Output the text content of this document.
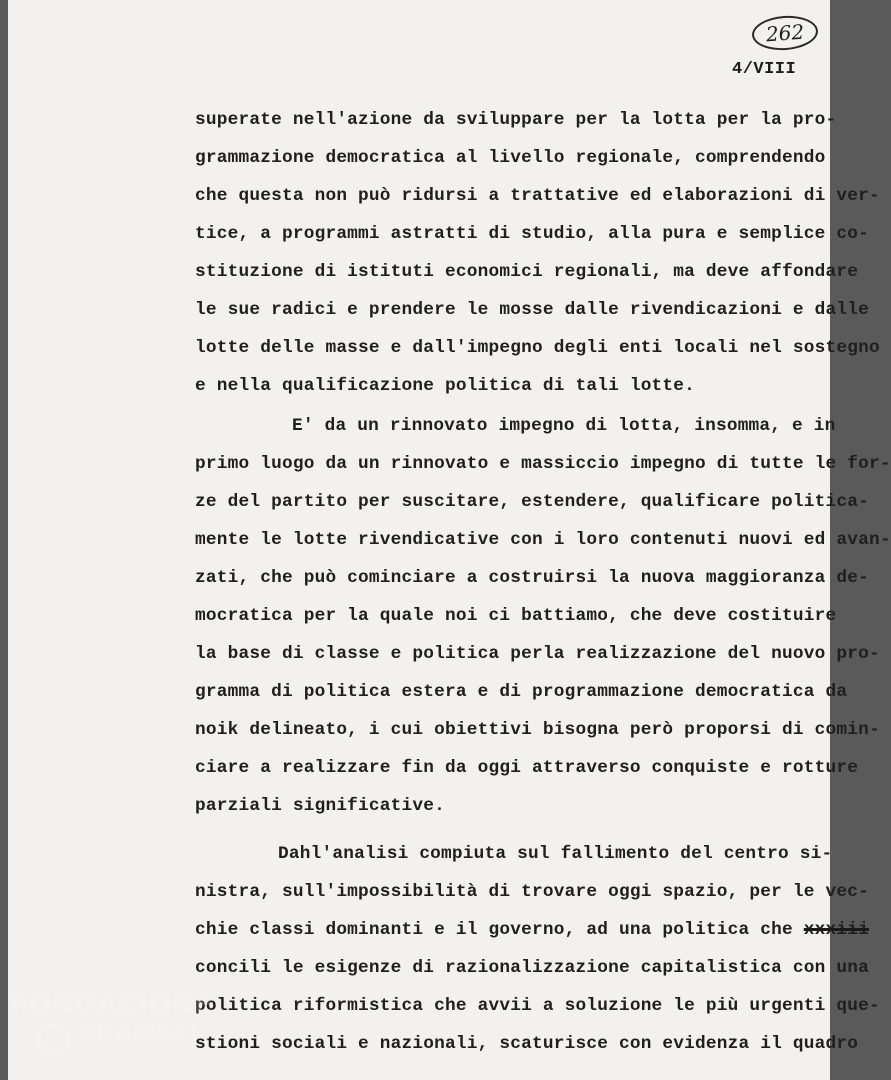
262
4/VIII
superate nell'azione da sviluppare per la lotta per la pro-
grammazione democratica al livello regionale, comprendendo
che questa non può ridursi a trattative ed elaborazioni di ver-
tice, a programmi astratti di studio, alla pura e semplice co-
stituzione di istituti economici regionali, ma deve affondare
le sue radici e prendere le mosse dalle rivendicazioni e dalle
lotte delle masse e dall'impegno degli enti locali nel sostegno
e nella qualificazione politica di tali lotte.
E' da un rinnovato impegno di lotta, insomma, e in
primo luogo da un rinnovato e massiccio impegno di tutte le for-
ze del partito per suscitare, estendere, qualificare politica-
mente le lotte rivendicative con i loro contenuti nuovi ed avan-
zati, che può cominciare a costruirsi la nuova maggioranza de-
mocratica per la quale noi ci battiamo, che deve costituire
la base di classe e politica perla realizzazione del nuovo pro-
gramma di politica estera e di programmazione democratica da
noik delineato, i cui obiettivi bisogna però proporsi di comin-
ciare a realizzare fin da oggi attraverso conquiste e rotture
parziali significative.
Dahl'analisi compiuta sul fallimento del centro si-
nistra, sull'impossibilità di trovare oggi spazio, per le vec-
chie classi dominanti e il governo, ad una politica che xxxiii
concili le esigenze di razionalizzazione capitalistica con una
politica riformistica che avvii a soluzione le più urgenti que-
stioni sociali e nazionali, scaturisce con evidenza il quadro
FONDAZIONE
GRAMSCI
